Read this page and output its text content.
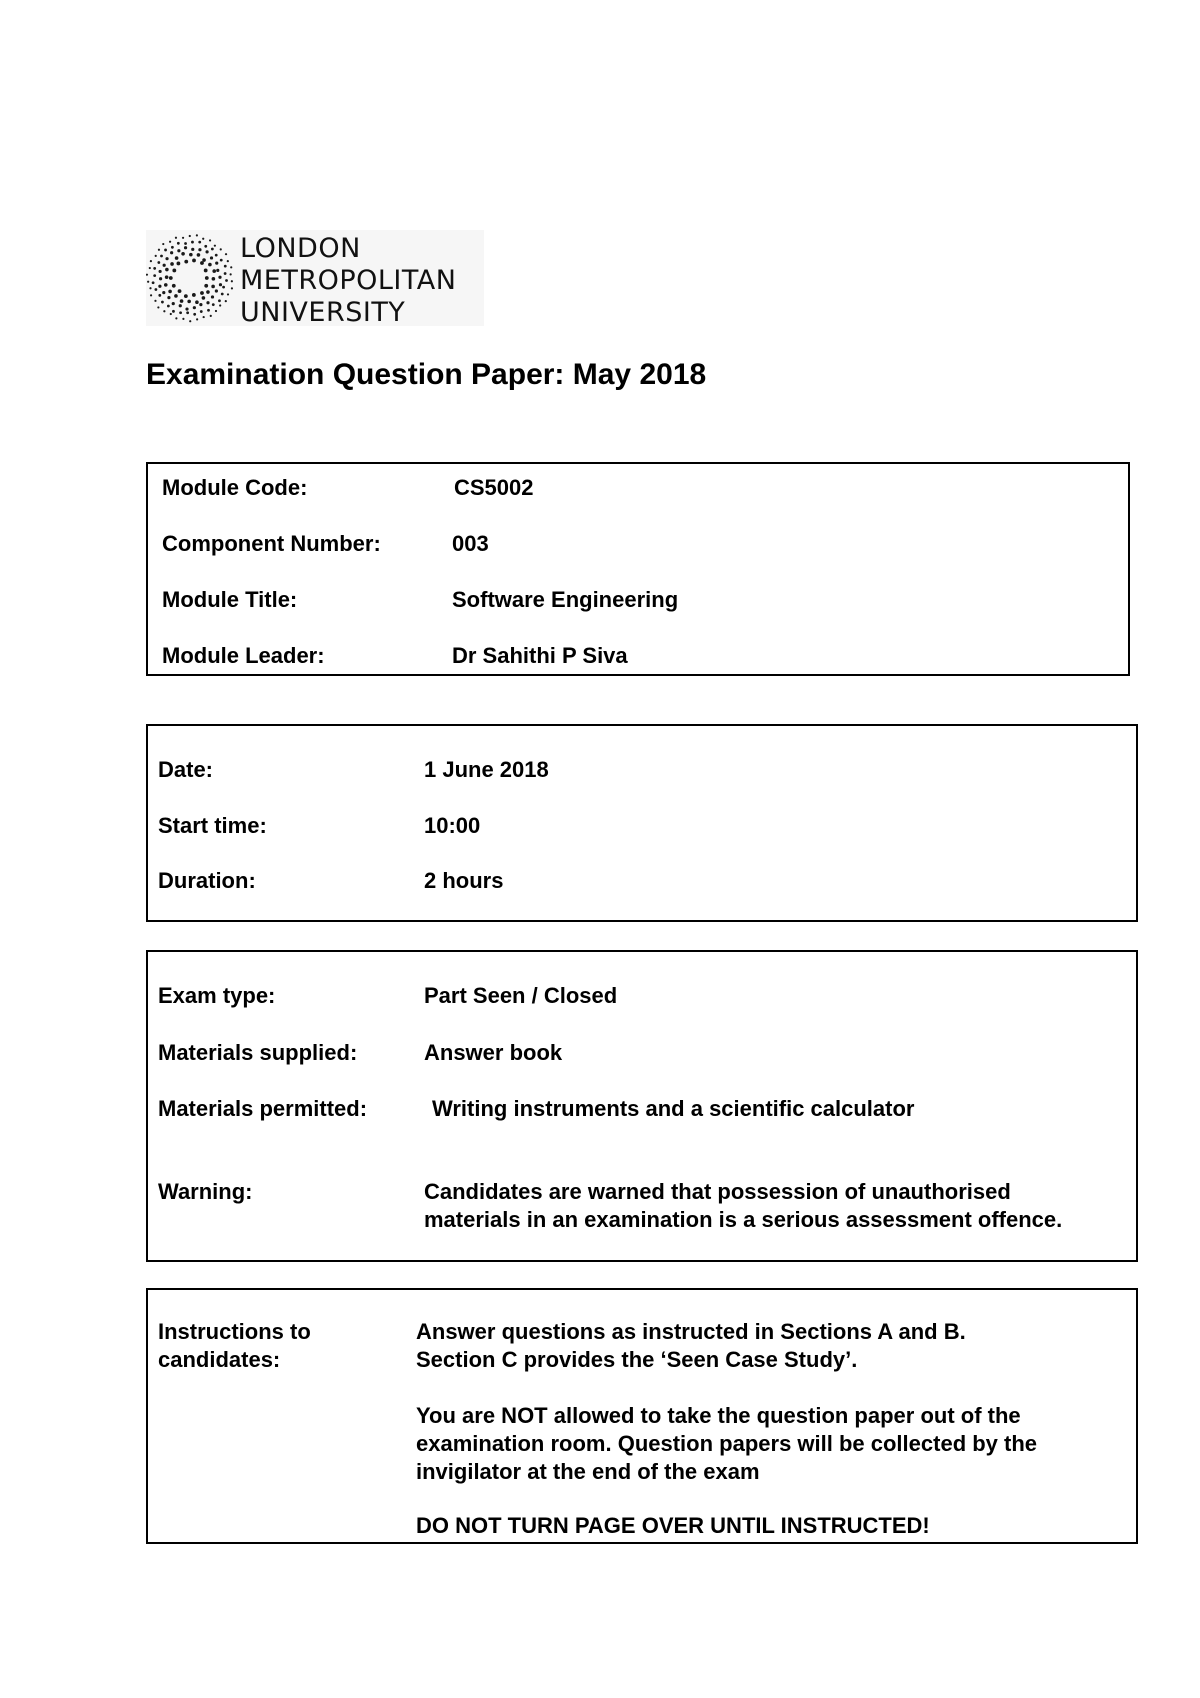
LONDON
METROPOLITAN
UNIVERSITY
Examination Question Paper: May 2018
Module Code:	CS5002
Component Number:	003
Module Title:	Software Engineering
Module Leader:	Dr Sahithi P Siva
Date:	1 June 2018
Start time:	10:00
Duration:	2 hours
Exam type:	Part Seen / Closed
Materials supplied:	Answer book
Materials permitted:	Writing instruments and a scientific calculator
Warning:	Candidates are warned that possession of unauthorised materials in an examination is a serious assessment offence.
Instructions to
candidates:
Answer questions as instructed in Sections A and B.
Section C provides the ‘Seen Case Study’.
You are NOT allowed to take the question paper out of the
examination room. Question papers will be collected by the
invigilator at the end of the exam
DO NOT TURN PAGE OVER UNTIL INSTRUCTED!
